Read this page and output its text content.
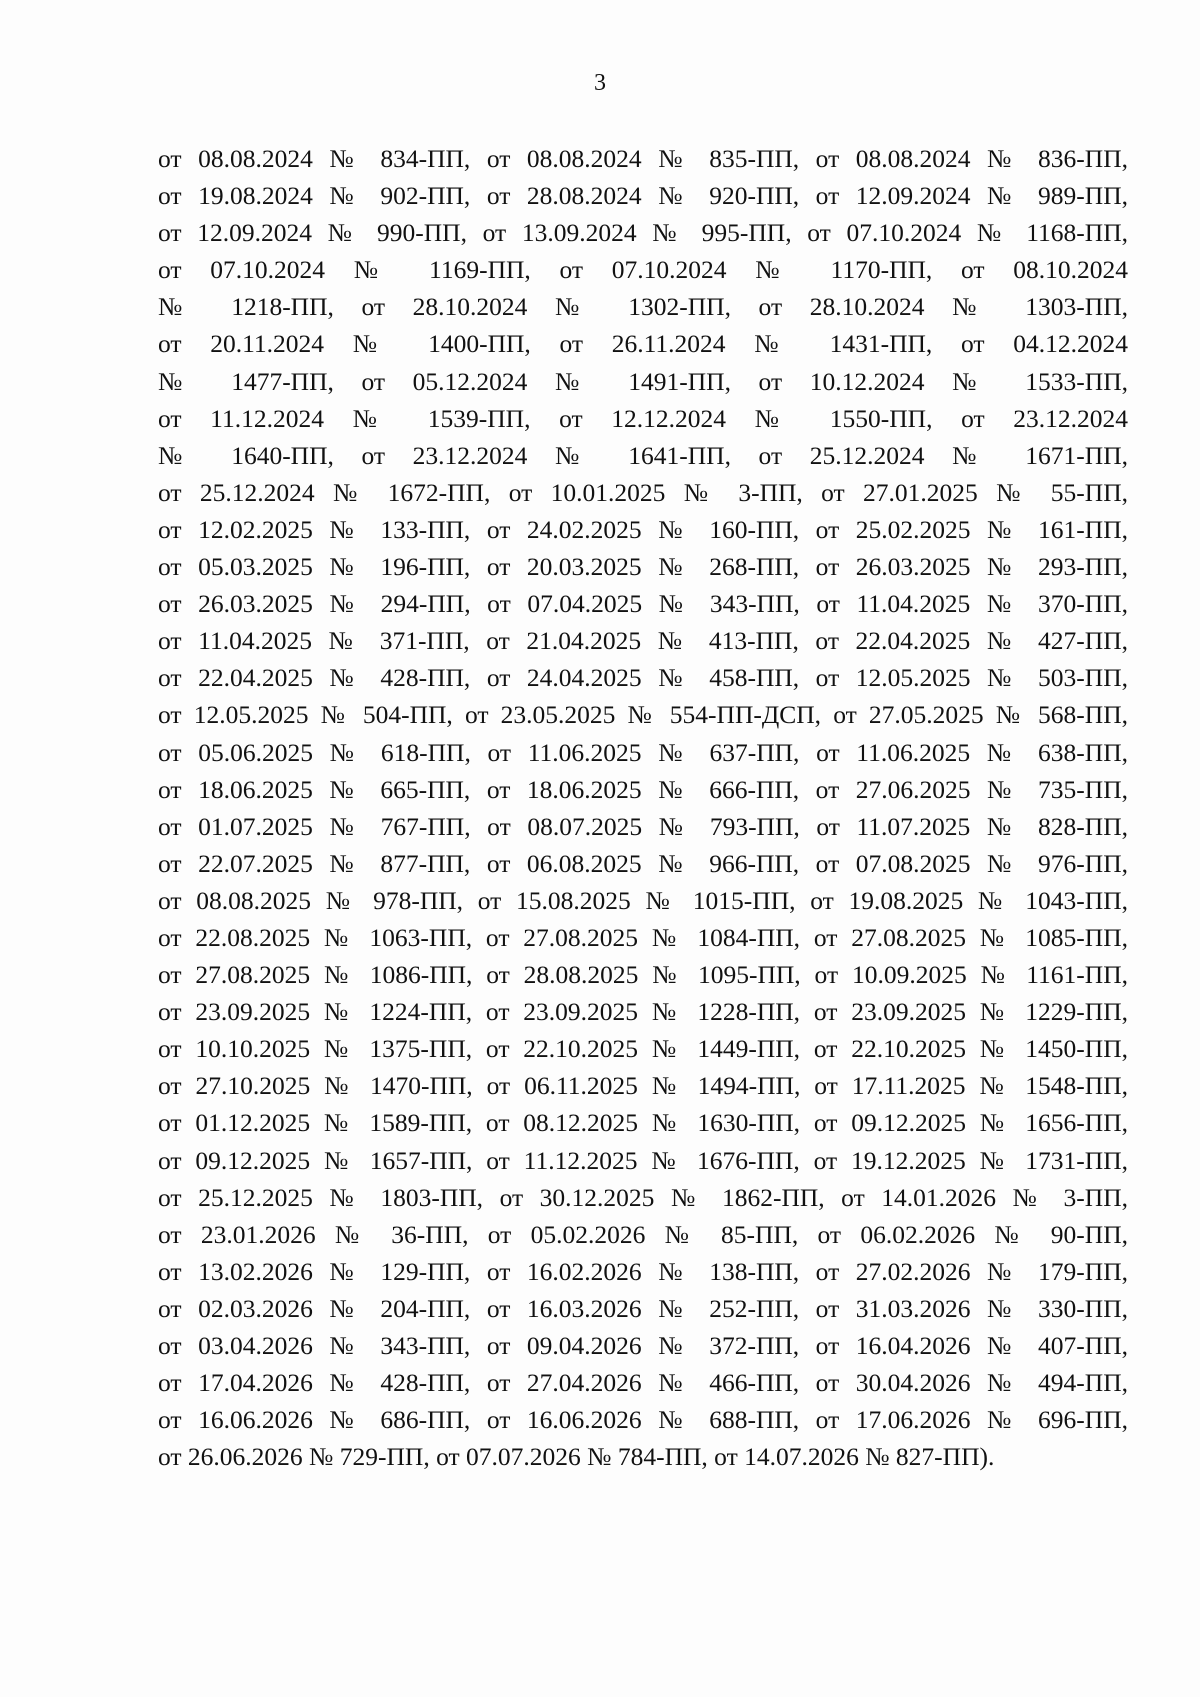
3
от 08.08.2024 № 834-ПП, от 08.08.2024 № 835-ПП, от 08.08.2024 № 836-ПП,
от 19.08.2024 № 902-ПП, от 28.08.2024 № 920-ПП, от 12.09.2024 № 989-ПП,
от 12.09.2024 № 990-ПП, от 13.09.2024 № 995-ПП, от 07.10.2024 № 1168-ПП,
от 07.10.2024 № 1169-ПП, от 07.10.2024 № 1170-ПП, от 08.10.2024
№ 1218-ПП, от 28.10.2024 № 1302-ПП, от 28.10.2024 № 1303-ПП,
от 20.11.2024 № 1400-ПП, от 26.11.2024 № 1431-ПП, от 04.12.2024
№ 1477-ПП, от 05.12.2024 № 1491-ПП, от 10.12.2024 № 1533-ПП,
от 11.12.2024 № 1539-ПП, от 12.12.2024 № 1550-ПП, от 23.12.2024
№ 1640-ПП, от 23.12.2024 № 1641-ПП, от 25.12.2024 № 1671-ПП,
от 25.12.2024 № 1672-ПП, от 10.01.2025 № 3-ПП, от 27.01.2025 № 55-ПП,
от 12.02.2025 № 133-ПП, от 24.02.2025 № 160-ПП, от 25.02.2025 № 161-ПП,
от 05.03.2025 № 196-ПП, от 20.03.2025 № 268-ПП, от 26.03.2025 № 293-ПП,
от 26.03.2025 № 294-ПП, от 07.04.2025 № 343-ПП, от 11.04.2025 № 370-ПП,
от 11.04.2025 № 371-ПП, от 21.04.2025 № 413-ПП, от 22.04.2025 № 427-ПП,
от 22.04.2025 № 428-ПП, от 24.04.2025 № 458-ПП, от 12.05.2025 № 503-ПП,
от 12.05.2025 № 504-ПП, от 23.05.2025 № 554-ПП-ДСП, от 27.05.2025 № 568-ПП,
от 05.06.2025 № 618-ПП, от 11.06.2025 № 637-ПП, от 11.06.2025 № 638-ПП,
от 18.06.2025 № 665-ПП, от 18.06.2025 № 666-ПП, от 27.06.2025 № 735-ПП,
от 01.07.2025 № 767-ПП, от 08.07.2025 № 793-ПП, от 11.07.2025 № 828-ПП,
от 22.07.2025 № 877-ПП, от 06.08.2025 № 966-ПП, от 07.08.2025 № 976-ПП,
от 08.08.2025 № 978-ПП, от 15.08.2025 № 1015-ПП, от 19.08.2025 № 1043-ПП,
от 22.08.2025 № 1063-ПП, от 27.08.2025 № 1084-ПП, от 27.08.2025 № 1085-ПП,
от 27.08.2025 № 1086-ПП, от 28.08.2025 № 1095-ПП, от 10.09.2025 № 1161-ПП,
от 23.09.2025 № 1224-ПП, от 23.09.2025 № 1228-ПП, от 23.09.2025 № 1229-ПП,
от 10.10.2025 № 1375-ПП, от 22.10.2025 № 1449-ПП, от 22.10.2025 № 1450-ПП,
от 27.10.2025 № 1470-ПП, от 06.11.2025 № 1494-ПП, от 17.11.2025 № 1548-ПП,
от 01.12.2025 № 1589-ПП, от 08.12.2025 № 1630-ПП, от 09.12.2025 № 1656-ПП,
от 09.12.2025 № 1657-ПП, от 11.12.2025 № 1676-ПП, от 19.12.2025 № 1731-ПП,
от 25.12.2025 № 1803-ПП, от 30.12.2025 № 1862-ПП, от 14.01.2026 № 3-ПП,
от 23.01.2026 № 36-ПП, от 05.02.2026 № 85-ПП, от 06.02.2026 № 90-ПП,
от 13.02.2026 № 129-ПП, от 16.02.2026 № 138-ПП, от 27.02.2026 № 179-ПП,
от 02.03.2026 № 204-ПП, от 16.03.2026 № 252-ПП, от 31.03.2026 № 330-ПП,
от 03.04.2026 № 343-ПП, от 09.04.2026 № 372-ПП, от 16.04.2026 № 407-ПП,
от 17.04.2026 № 428-ПП, от 27.04.2026 № 466-ПП, от 30.04.2026 № 494-ПП,
от 16.06.2026 № 686-ПП, от 16.06.2026 № 688-ПП, от 17.06.2026 № 696-ПП,
от 26.06.2026 № 729-ПП, от 07.07.2026 № 784-ПП, от 14.07.2026 № 827-ПП).
